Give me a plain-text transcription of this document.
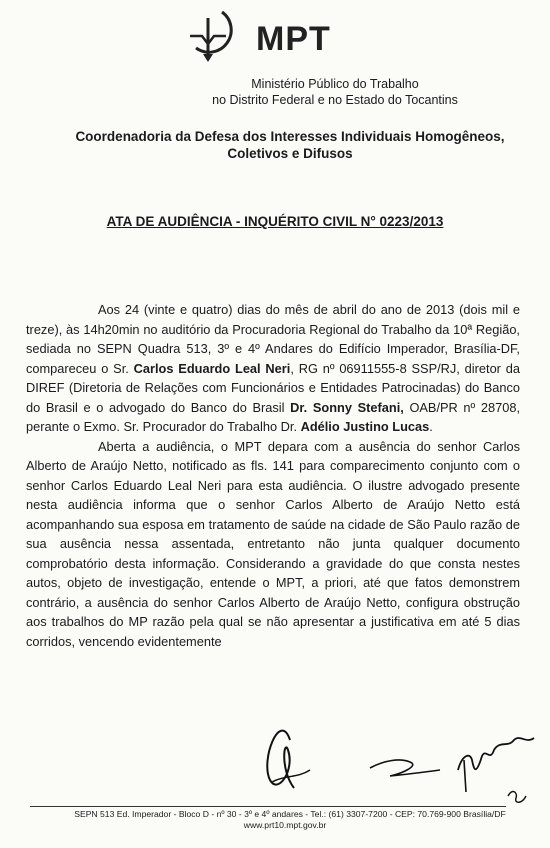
MPT
Ministério Público do Trabalho
no Distrito Federal e no Estado do Tocantins
Coordenadoria da Defesa dos Interesses Individuais Homogêneos,
Coletivos e Difusos
ATA DE AUDIÊNCIA - INQUÉRITO CIVIL N° 0223/2013

Aos 24 (vinte e quatro) dias do mês de abril do ano de 2013 (dois mil e treze), às 14h20min no auditório da Procuradoria Regional do Trabalho da 10ª Região, sediada no SEPN Quadra 513, 3º e 4º Andares do Edifício Imperador, Brasília-DF, compareceu o Sr. Carlos Eduardo Leal Neri, RG nº 06911555-8 SSP/RJ, diretor da DIREF (Diretoria de Relações com Funcionários e Entidades Patrocinadas) do Banco do Brasil e o advogado do Banco do Brasil Dr. Sonny Stefani, OAB/PR nº 28708, perante o Exmo. Sr. Procurador do Trabalho Dr. Adélio Justino Lucas.

Aberta a audiência, o MPT depara com a ausência do senhor Carlos Alberto de Araújo Netto, notificado as fls. 141 para comparecimento conjunto com o senhor Carlos Eduardo Leal Neri para esta audiência. O ilustre advogado presente nesta audiência informa que o senhor Carlos Alberto de Araújo Netto está acompanhando sua esposa em tratamento de saúde na cidade de São Paulo razão de sua ausência nessa assentada, entretanto não junta qualquer documento comprobatório desta informação. Considerando a gravidade do que consta nestes autos, objeto de investigação, entende o MPT, a priori, até que fatos demonstrem contrário, a ausência do senhor Carlos Alberto de Araújo Netto, configura obstrução aos trabalhos do MP razão pela qual se não apresentar a justificativa em até 5 dias corridos, vencendo evidentemente

SEPN 513 Ed. Imperador - Bloco D - nº 30 - 3º e 4º andares - Tel.: (61) 3307-7200 - CEP: 70.769-900 Brasília/DF
www.prt10.mpt.gov.br
